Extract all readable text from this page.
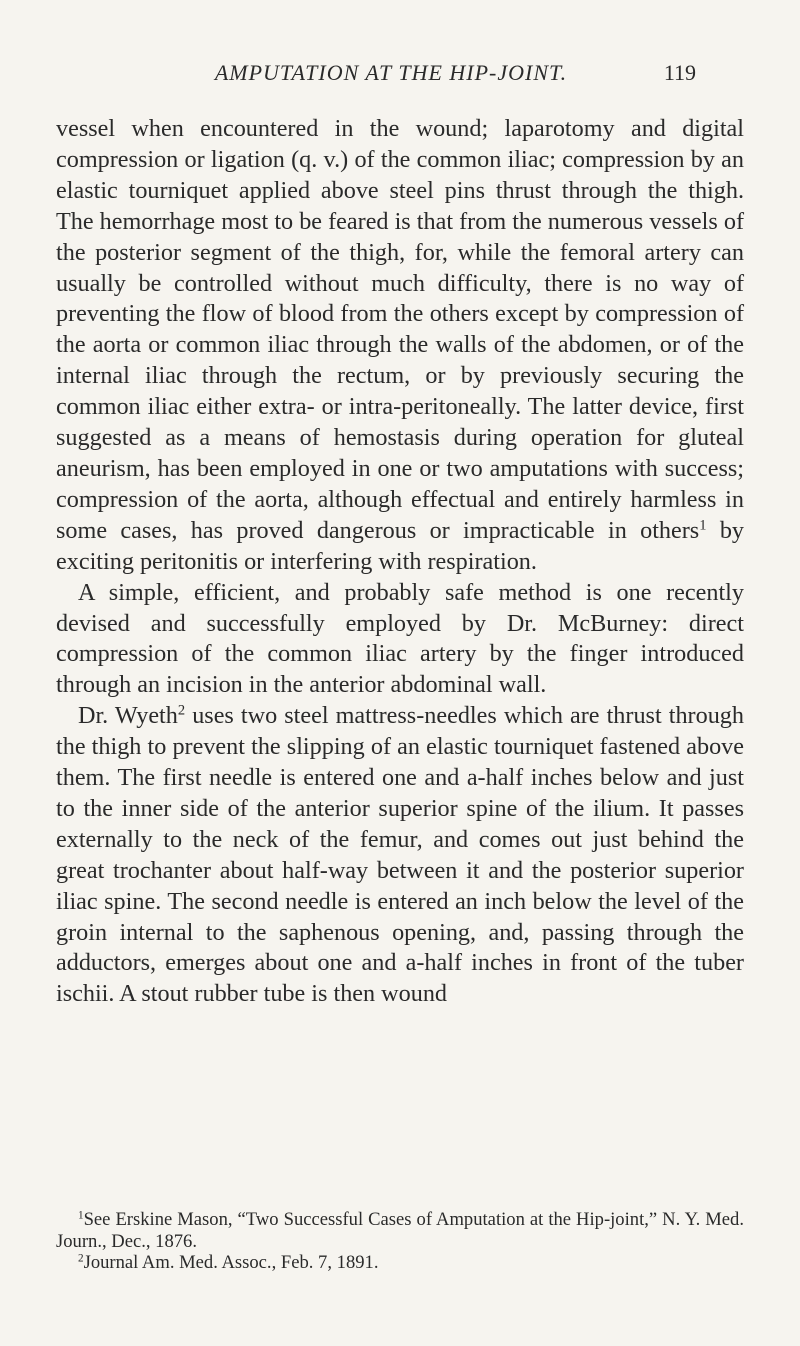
AMPUTATION AT THE HIP-JOINT.	119

vessel when encountered in the wound; laparotomy and digital compression or ligation (q. v.) of the common iliac; compression by an elastic tourniquet applied above steel pins thrust through the thigh. The hemorrhage most to be feared is that from the numerous vessels of the posterior segment of the thigh, for, while the femoral artery can usually be controlled without much difficulty, there is no way of preventing the flow of blood from the others except by compression of the aorta or common iliac through the walls of the abdomen, or of the internal iliac through the rectum, or by previously securing the common iliac either extra- or intra-peritoneally. The latter device, first suggested as a means of hemostasis during operation for gluteal aneurism, has been employed in one or two amputations with success; compression of the aorta, although effectual and entirely harmless in some cases, has proved dangerous or impracticable in others$^1$ by exciting peritonitis or interfering with respiration.

A simple, efficient, and probably safe method is one recently devised and successfully employed by Dr. McBurney: direct compression of the common iliac artery by the finger introduced through an incision in the anterior abdominal wall.

Dr. Wyeth$^2$ uses two steel mattress-needles which are thrust through the thigh to prevent the slipping of an elastic tourniquet fastened above them. The first needle is entered one and a-half inches below and just to the inner side of the anterior superior spine of the ilium. It passes externally to the neck of the femur, and comes out just behind the great trochanter about half-way between it and the posterior superior iliac spine. The second needle is entered an inch below the level of the groin internal to the saphenous opening, and, passing through the adductors, emerges about one and a-half inches in front of the tuber ischii. A stout rubber tube is then wound

$^1$See Erskine Mason, “Two Successful Cases of Amputation at the Hip-joint,” N. Y. Med. Journ., Dec., 1876.

$^2$Journal Am. Med. Assoc., Feb. 7, 1891.
